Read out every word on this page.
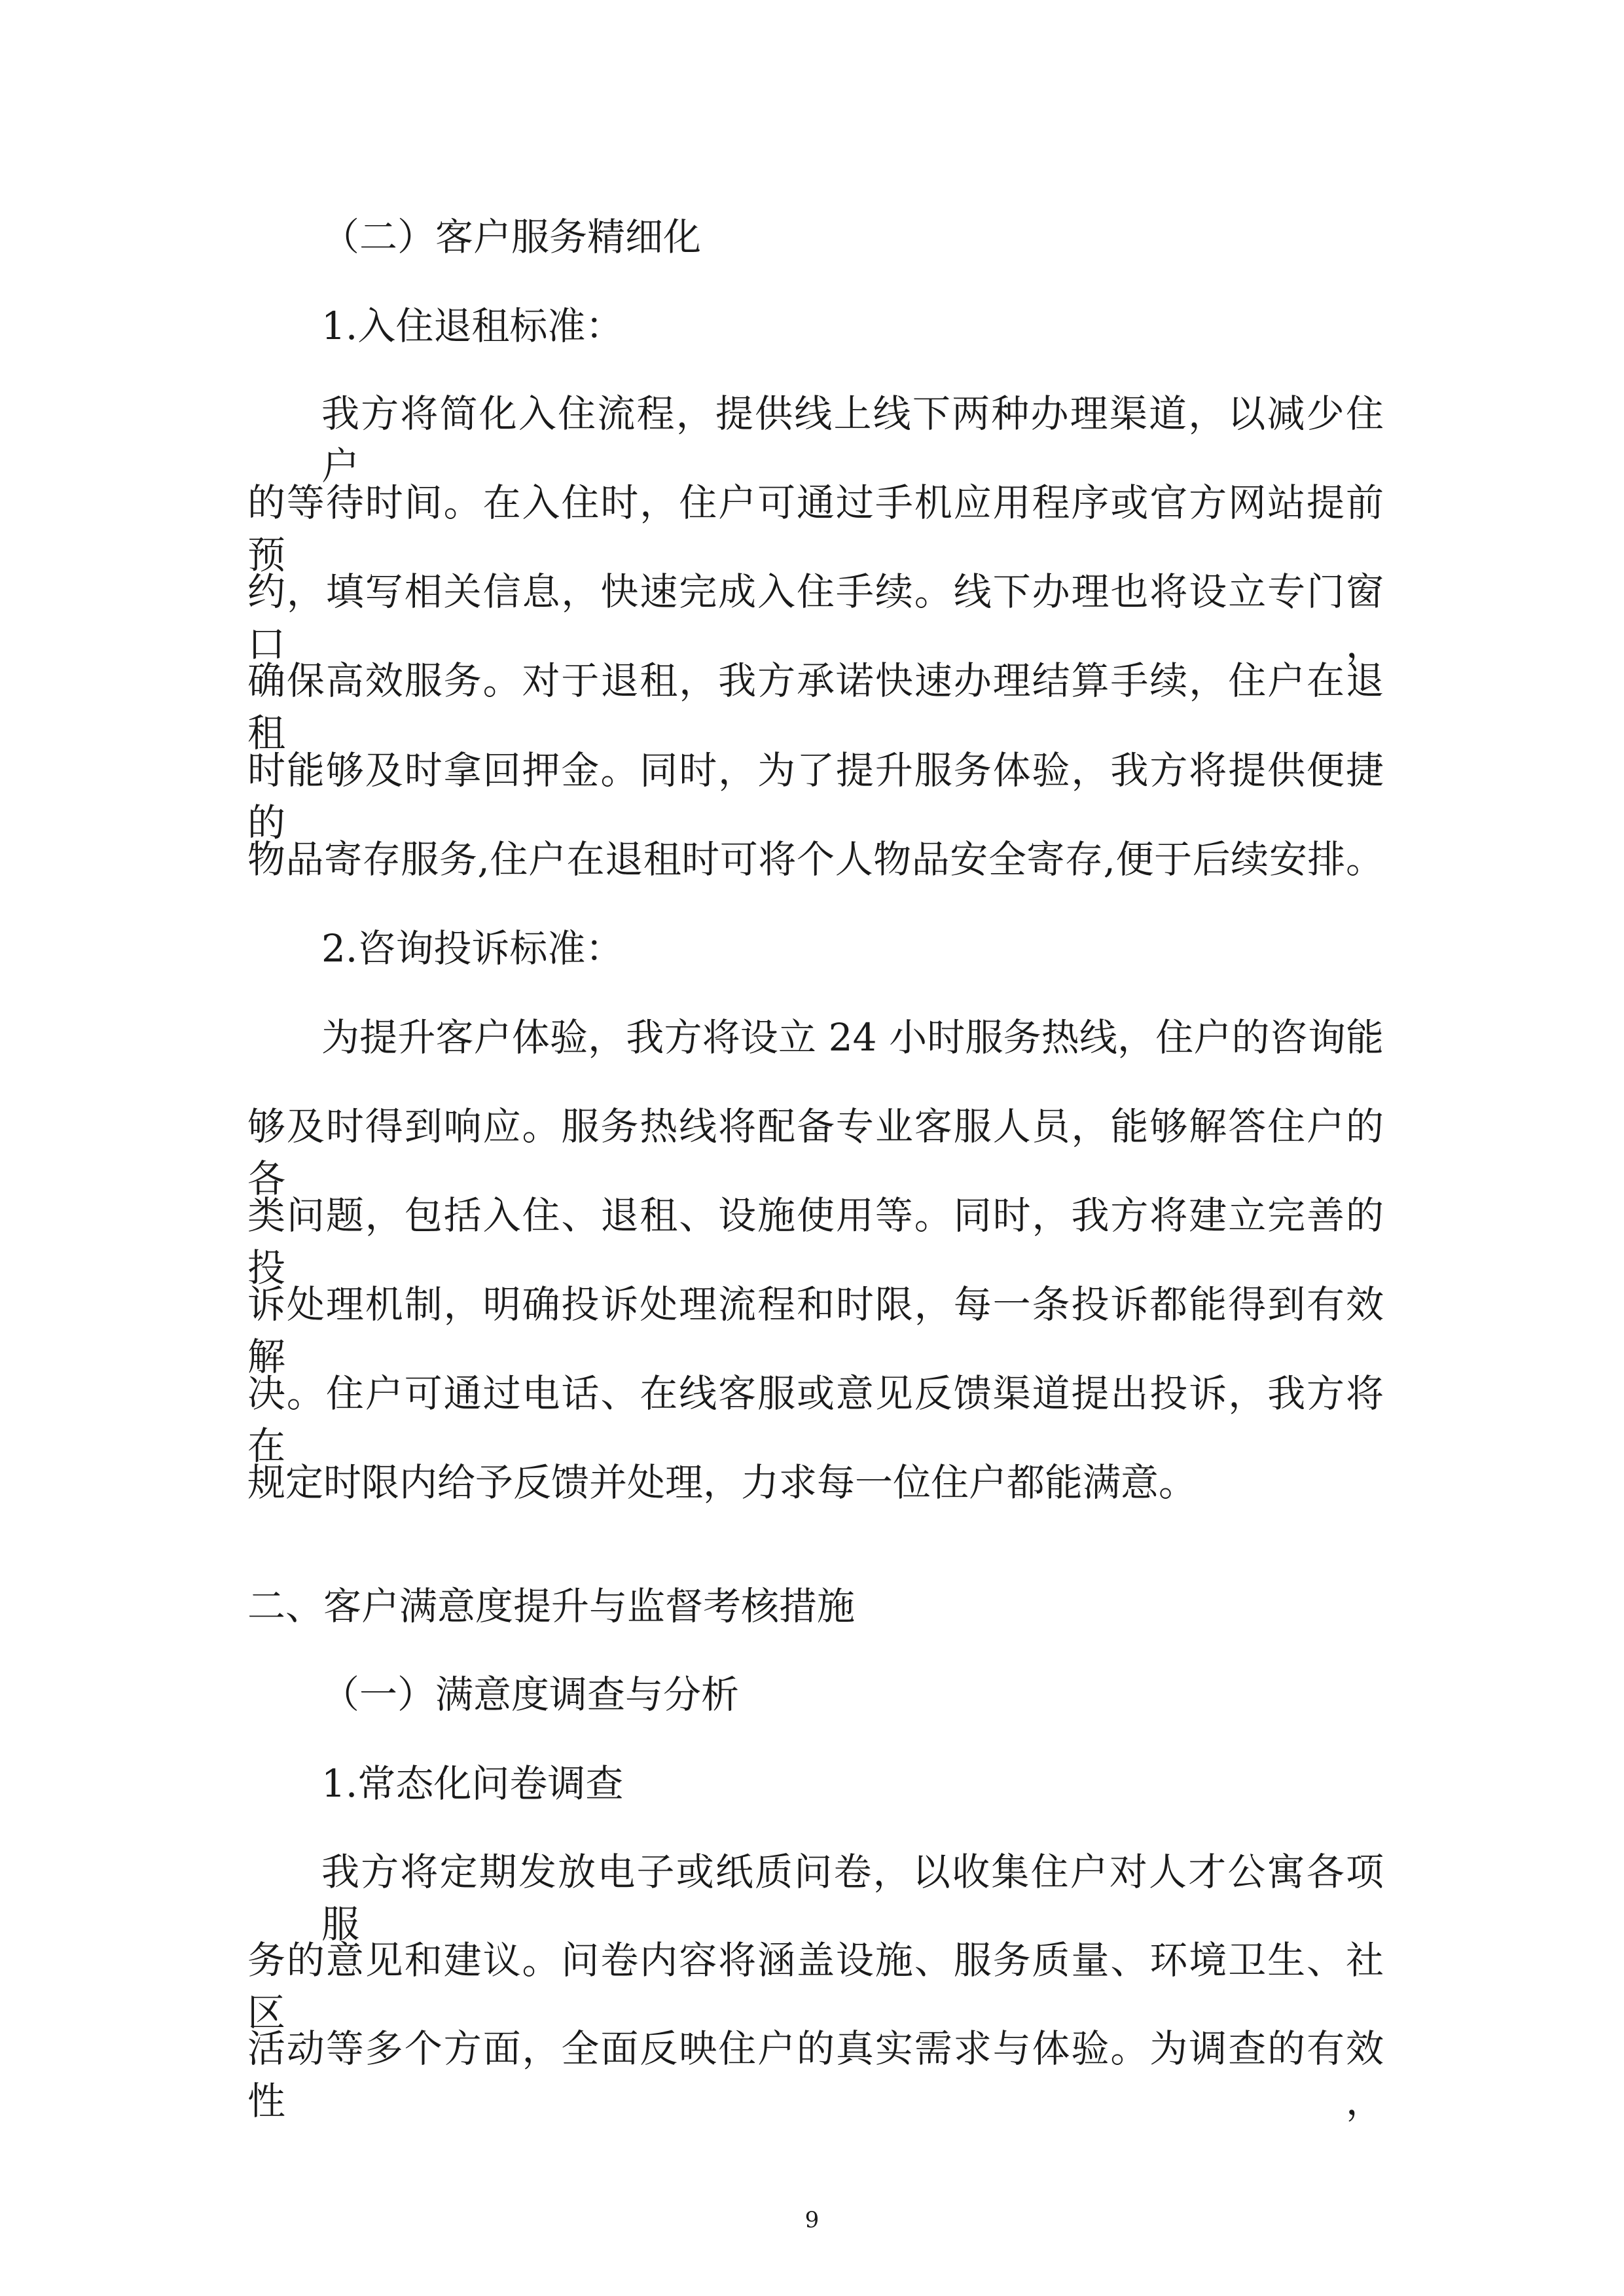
（二）客户服务精细化
1.入住退租标准：
我方将简化入住流程，提供线上线下两种办理渠道，以减少住户
的等待时间。在入住时，住户可通过手机应用程序或官方网站提前预
约，填写相关信息，快速完成入住手续。线下办理也将设立专门窗口，
确保高效服务。对于退租，我方承诺快速办理结算手续，住户在退租
时能够及时拿回押金。同时，为了提升服务体验，我方将提供便捷的
物品寄存服务,住户在退租时可将个人物品安全寄存,便于后续安排。
2.咨询投诉标准：
为提升客户体验，我方将设立 24 小时服务热线，住户的咨询能
够及时得到响应。服务热线将配备专业客服人员，能够解答住户的各
类问题，包括入住、退租、设施使用等。同时，我方将建立完善的投
诉处理机制，明确投诉处理流程和时限，每一条投诉都能得到有效解
决。住户可通过电话、在线客服或意见反馈渠道提出投诉，我方将在
规定时限内给予反馈并处理，力求每一位住户都能满意。
二、客户满意度提升与监督考核措施
（一）满意度调查与分析
1.常态化问卷调查
我方将定期发放电子或纸质问卷，以收集住户对人才公寓各项服
务的意见和建议。问卷内容将涵盖设施、服务质量、环境卫生、社区
活动等多个方面，全面反映住户的真实需求与体验。为调查的有效性，
9
